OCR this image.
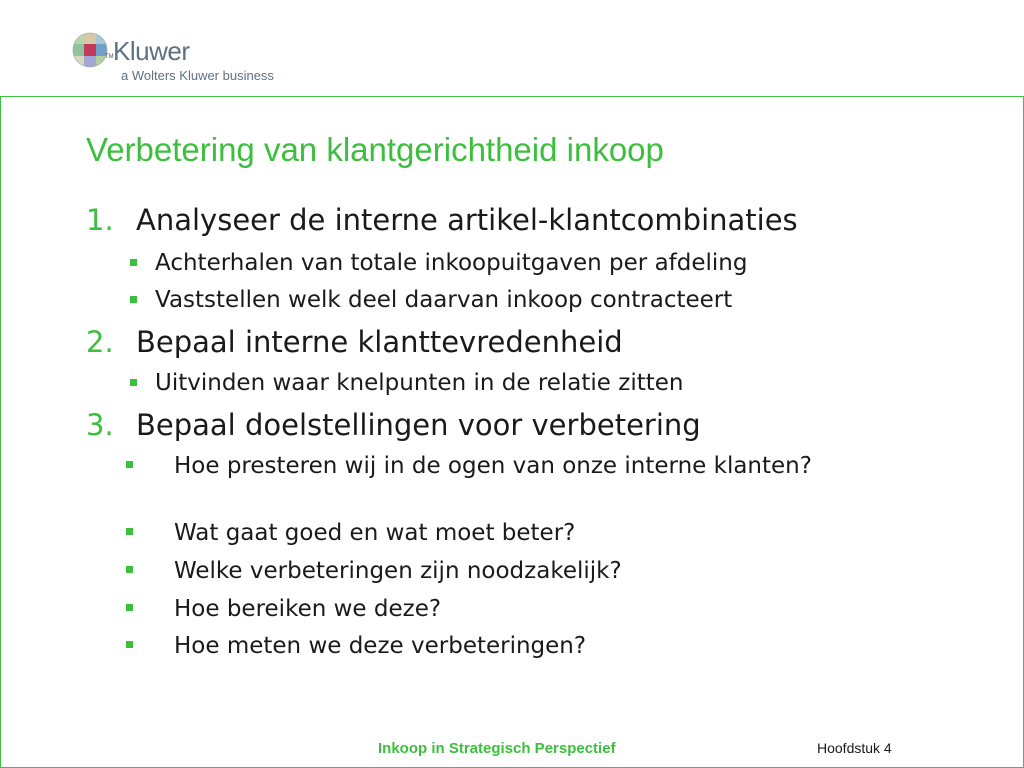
TM Kluwer
a Wolters Kluwer business
Verbetering van klantgerichtheid inkoop
1. Analyseer de interne artikel-klantcombinaties
Achterhalen van totale inkoopuitgaven per afdeling
Vaststellen welk deel daarvan inkoop contracteert
2. Bepaal interne klanttevredenheid
Uitvinden waar knelpunten in de relatie zitten
3. Bepaal doelstellingen voor verbetering
Hoe presteren wij in de ogen van onze interne klanten?
Wat gaat goed en wat moet beter?
Welke verbeteringen zijn noodzakelijk?
Hoe bereiken we deze?
Hoe meten we deze verbeteringen?
Inkoop in Strategisch Perspectief	Hoofdstuk 4
